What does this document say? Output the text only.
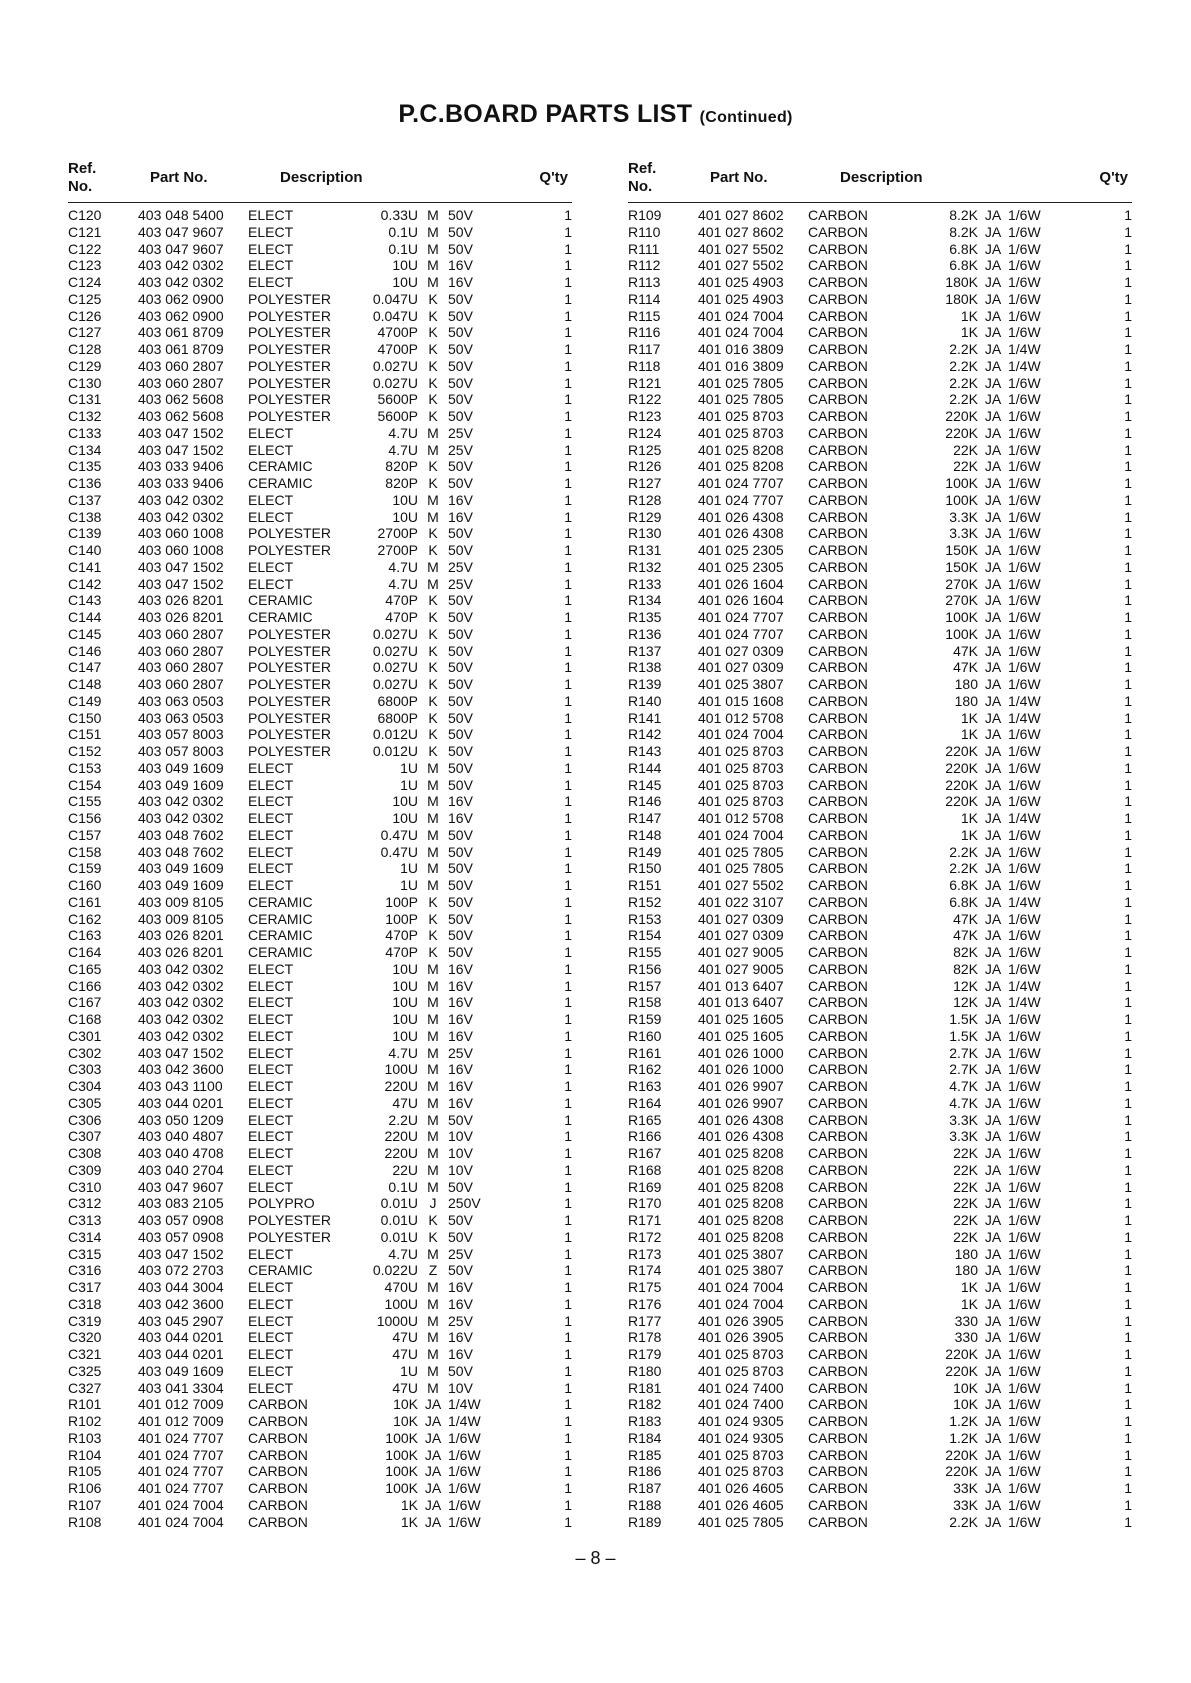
P.C.BOARD PARTS LIST (Continued)
Ref.
No.
Part No.	Description	Q'ty
C120	403 048 5400	ELECT	0.33U M 50V	1
C121	403 047 9607	ELECT	0.1U M 50V	1
C122	403 047 9607	ELECT	0.1U M 50V	1
C123	403 042 0302	ELECT	10U M 16V	1
C124	403 042 0302	ELECT	10U M 16V	1
C125	403 062 0900	POLYESTER	0.047U K 50V	1
C126	403 062 0900	POLYESTER	0.047U K 50V	1
C127	403 061 8709	POLYESTER	4700P K 50V	1
C128	403 061 8709	POLYESTER	4700P K 50V	1
C129	403 060 2807	POLYESTER	0.027U K 50V	1
C130	403 060 2807	POLYESTER	0.027U K 50V	1
C131	403 062 5608	POLYESTER	5600P K 50V	1
C132	403 062 5608	POLYESTER	5600P K 50V	1
C133	403 047 1502	ELECT	4.7U M 25V	1
C134	403 047 1502	ELECT	4.7U M 25V	1
C135	403 033 9406	CERAMIC	820P K 50V	1
C136	403 033 9406	CERAMIC	820P K 50V	1
C137	403 042 0302	ELECT	10U M 16V	1
C138	403 042 0302	ELECT	10U M 16V	1
C139	403 060 1008	POLYESTER	2700P K 50V	1
C140	403 060 1008	POLYESTER	2700P K 50V	1
C141	403 047 1502	ELECT	4.7U M 25V	1
C142	403 047 1502	ELECT	4.7U M 25V	1
C143	403 026 8201	CERAMIC	470P K 50V	1
C144	403 026 8201	CERAMIC	470P K 50V	1
C145	403 060 2807	POLYESTER	0.027U K 50V	1
C146	403 060 2807	POLYESTER	0.027U K 50V	1
C147	403 060 2807	POLYESTER	0.027U K 50V	1
C148	403 060 2807	POLYESTER	0.027U K 50V	1
C149	403 063 0503	POLYESTER	6800P K 50V	1
C150	403 063 0503	POLYESTER	6800P K 50V	1
C151	403 057 8003	POLYESTER	0.012U K 50V	1
C152	403 057 8003	POLYESTER	0.012U K 50V	1
C153	403 049 1609	ELECT	1U M 50V	1
C154	403 049 1609	ELECT	1U M 50V	1
C155	403 042 0302	ELECT	10U M 16V	1
C156	403 042 0302	ELECT	10U M 16V	1
C157	403 048 7602	ELECT	0.47U M 50V	1
C158	403 048 7602	ELECT	0.47U M 50V	1
C159	403 049 1609	ELECT	1U M 50V	1
C160	403 049 1609	ELECT	1U M 50V	1
C161	403 009 8105	CERAMIC	100P K 50V	1
C162	403 009 8105	CERAMIC	100P K 50V	1
C163	403 026 8201	CERAMIC	470P K 50V	1
C164	403 026 8201	CERAMIC	470P K 50V	1
C165	403 042 0302	ELECT	10U M 16V	1
C166	403 042 0302	ELECT	10U M 16V	1
C167	403 042 0302	ELECT	10U M 16V	1
C168	403 042 0302	ELECT	10U M 16V	1
C301	403 042 0302	ELECT	10U M 16V	1
C302	403 047 1502	ELECT	4.7U M 25V	1
C303	403 042 3600	ELECT	100U M 16V	1
C304	403 043 1100	ELECT	220U M 16V	1
C305	403 044 0201	ELECT	47U M 16V	1
C306	403 050 1209	ELECT	2.2U M 50V	1
C307	403 040 4807	ELECT	220U M 10V	1
C308	403 040 4708	ELECT	220U M 10V	1
C309	403 040 2704	ELECT	22U M 10V	1
C310	403 047 9607	ELECT	0.1U M 50V	1
C312	403 083 2105	POLYPRO	0.01U J 250V	1
C313	403 057 0908	POLYESTER	0.01U K 50V	1
C314	403 057 0908	POLYESTER	0.01U K 50V	1
C315	403 047 1502	ELECT	4.7U M 25V	1
C316	403 072 2703	CERAMIC	0.022U Z 50V	1
C317	403 044 3004	ELECT	470U M 16V	1
C318	403 042 3600	ELECT	100U M 16V	1
C319	403 045 2907	ELECT	1000U M 25V	1
C320	403 044 0201	ELECT	47U M 16V	1
C321	403 044 0201	ELECT	47U M 16V	1
C325	403 049 1609	ELECT	1U M 50V	1
C327	403 041 3304	ELECT	47U M 10V	1
R101	401 012 7009	CARBON	10K JA 1/4W	1
R102	401 012 7009	CARBON	10K JA 1/4W	1
R103	401 024 7707	CARBON	100K JA 1/6W	1
R104	401 024 7707	CARBON	100K JA 1/6W	1
R105	401 024 7707	CARBON	100K JA 1/6W	1
R106	401 024 7707	CARBON	100K JA 1/6W	1
R107	401 024 7004	CARBON	1K JA 1/6W	1
R108	401 024 7004	CARBON	1K JA 1/6W	1
Ref.
No.
Part No.	Description	Q'ty
R109	401 027 8602	CARBON	8.2K JA 1/6W	1
R110	401 027 8602	CARBON	8.2K JA 1/6W	1
R111	401 027 5502	CARBON	6.8K JA 1/6W	1
R112	401 027 5502	CARBON	6.8K JA 1/6W	1
R113	401 025 4903	CARBON	180K JA 1/6W	1
R114	401 025 4903	CARBON	180K JA 1/6W	1
R115	401 024 7004	CARBON	1K JA 1/6W	1
R116	401 024 7004	CARBON	1K JA 1/6W	1
R117	401 016 3809	CARBON	2.2K JA 1/4W	1
R118	401 016 3809	CARBON	2.2K JA 1/4W	1
R121	401 025 7805	CARBON	2.2K JA 1/6W	1
R122	401 025 7805	CARBON	2.2K JA 1/6W	1
R123	401 025 8703	CARBON	220K JA 1/6W	1
R124	401 025 8703	CARBON	220K JA 1/6W	1
R125	401 025 8208	CARBON	22K JA 1/6W	1
R126	401 025 8208	CARBON	22K JA 1/6W	1
R127	401 024 7707	CARBON	100K JA 1/6W	1
R128	401 024 7707	CARBON	100K JA 1/6W	1
R129	401 026 4308	CARBON	3.3K JA 1/6W	1
R130	401 026 4308	CARBON	3.3K JA 1/6W	1
R131	401 025 2305	CARBON	150K JA 1/6W	1
R132	401 025 2305	CARBON	150K JA 1/6W	1
R133	401 026 1604	CARBON	270K JA 1/6W	1
R134	401 026 1604	CARBON	270K JA 1/6W	1
R135	401 024 7707	CARBON	100K JA 1/6W	1
R136	401 024 7707	CARBON	100K JA 1/6W	1
R137	401 027 0309	CARBON	47K JA 1/6W	1
R138	401 027 0309	CARBON	47K JA 1/6W	1
R139	401 025 3807	CARBON	180 JA 1/6W	1
R140	401 015 1608	CARBON	180 JA 1/4W	1
R141	401 012 5708	CARBON	1K JA 1/4W	1
R142	401 024 7004	CARBON	1K JA 1/6W	1
R143	401 025 8703	CARBON	220K JA 1/6W	1
R144	401 025 8703	CARBON	220K JA 1/6W	1
R145	401 025 8703	CARBON	220K JA 1/6W	1
R146	401 025 8703	CARBON	220K JA 1/6W	1
R147	401 012 5708	CARBON	1K JA 1/4W	1
R148	401 024 7004	CARBON	1K JA 1/6W	1
R149	401 025 7805	CARBON	2.2K JA 1/6W	1
R150	401 025 7805	CARBON	2.2K JA 1/6W	1
R151	401 027 5502	CARBON	6.8K JA 1/6W	1
R152	401 022 3107	CARBON	6.8K JA 1/4W	1
R153	401 027 0309	CARBON	47K JA 1/6W	1
R154	401 027 0309	CARBON	47K JA 1/6W	1
R155	401 027 9005	CARBON	82K JA 1/6W	1
R156	401 027 9005	CARBON	82K JA 1/6W	1
R157	401 013 6407	CARBON	12K JA 1/4W	1
R158	401 013 6407	CARBON	12K JA 1/4W	1
R159	401 025 1605	CARBON	1.5K JA 1/6W	1
R160	401 025 1605	CARBON	1.5K JA 1/6W	1
R161	401 026 1000	CARBON	2.7K JA 1/6W	1
R162	401 026 1000	CARBON	2.7K JA 1/6W	1
R163	401 026 9907	CARBON	4.7K JA 1/6W	1
R164	401 026 9907	CARBON	4.7K JA 1/6W	1
R165	401 026 4308	CARBON	3.3K JA 1/6W	1
R166	401 026 4308	CARBON	3.3K JA 1/6W	1
R167	401 025 8208	CARBON	22K JA 1/6W	1
R168	401 025 8208	CARBON	22K JA 1/6W	1
R169	401 025 8208	CARBON	22K JA 1/6W	1
R170	401 025 8208	CARBON	22K JA 1/6W	1
R171	401 025 8208	CARBON	22K JA 1/6W	1
R172	401 025 8208	CARBON	22K JA 1/6W	1
R173	401 025 3807	CARBON	180 JA 1/6W	1
R174	401 025 3807	CARBON	180 JA 1/6W	1
R175	401 024 7004	CARBON	1K JA 1/6W	1
R176	401 024 7004	CARBON	1K JA 1/6W	1
R177	401 026 3905	CARBON	330 JA 1/6W	1
R178	401 026 3905	CARBON	330 JA 1/6W	1
R179	401 025 8703	CARBON	220K JA 1/6W	1
R180	401 025 8703	CARBON	220K JA 1/6W	1
R181	401 024 7400	CARBON	10K JA 1/6W	1
R182	401 024 7400	CARBON	10K JA 1/6W	1
R183	401 024 9305	CARBON	1.2K JA 1/6W	1
R184	401 024 9305	CARBON	1.2K JA 1/6W	1
R185	401 025 8703	CARBON	220K JA 1/6W	1
R186	401 025 8703	CARBON	220K JA 1/6W	1
R187	401 026 4605	CARBON	33K JA 1/6W	1
R188	401 026 4605	CARBON	33K JA 1/6W	1
R189	401 025 7805	CARBON	2.2K JA 1/6W	1
– 8 –
